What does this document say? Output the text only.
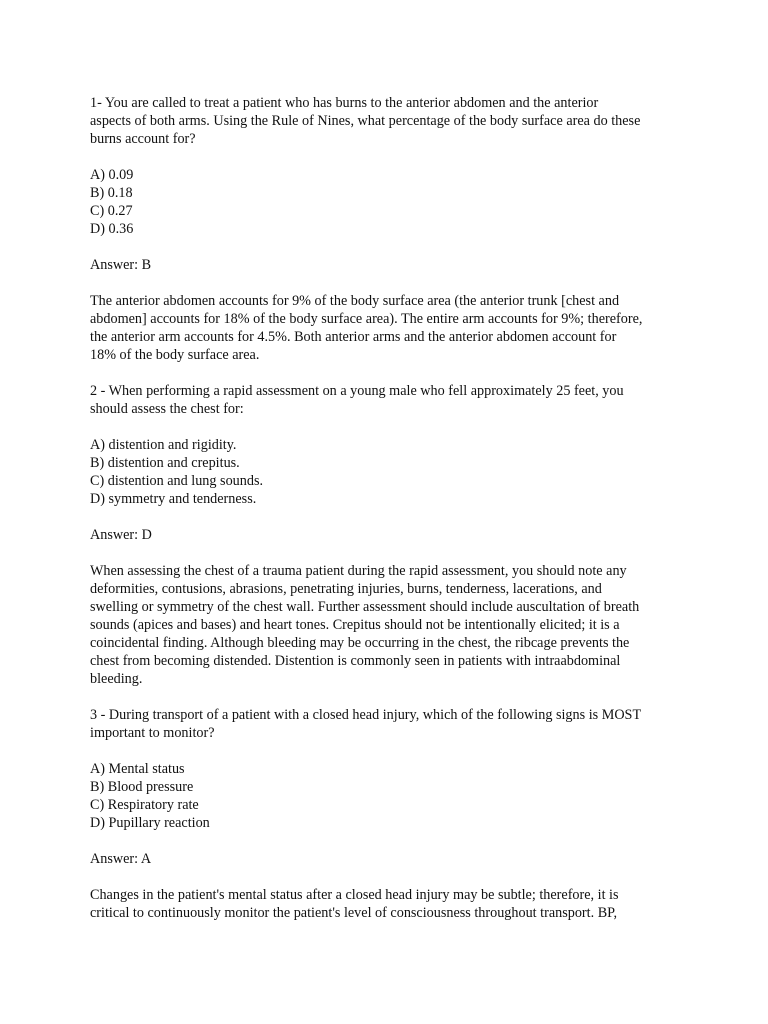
1- You are called to treat a patient who has burns to the anterior abdomen and the anterior
aspects of both arms. Using the Rule of Nines, what percentage of the body surface area do these
burns account for?
A) 0.09
B) 0.18
C) 0.27
D) 0.36
Answer: B
The anterior abdomen accounts for 9% of the body surface area (the anterior trunk [chest and
abdomen] accounts for 18% of the body surface area). The entire arm accounts for 9%; therefore,
the anterior arm accounts for 4.5%. Both anterior arms and the anterior abdomen account for
18% of the body surface area.
2 - When performing a rapid assessment on a young male who fell approximately 25 feet, you
should assess the chest for:
A) distention and rigidity.
B) distention and crepitus.
C) distention and lung sounds.
D) symmetry and tenderness.
Answer: D
When assessing the chest of a trauma patient during the rapid assessment, you should note any
deformities, contusions, abrasions, penetrating injuries, burns, tenderness, lacerations, and
swelling or symmetry of the chest wall. Further assessment should include auscultation of breath
sounds (apices and bases) and heart tones. Crepitus should not be intentionally elicited; it is a
coincidental finding. Although bleeding may be occurring in the chest, the ribcage prevents the
chest from becoming distended. Distention is commonly seen in patients with intraabdominal
bleeding.
3 - During transport of a patient with a closed head injury, which of the following signs is MOST
important to monitor?
A) Mental status
B) Blood pressure
C) Respiratory rate
D) Pupillary reaction
Answer: A
Changes in the patient's mental status after a closed head injury may be subtle; therefore, it is
critical to continuously monitor the patient's level of consciousness throughout transport. BP,
